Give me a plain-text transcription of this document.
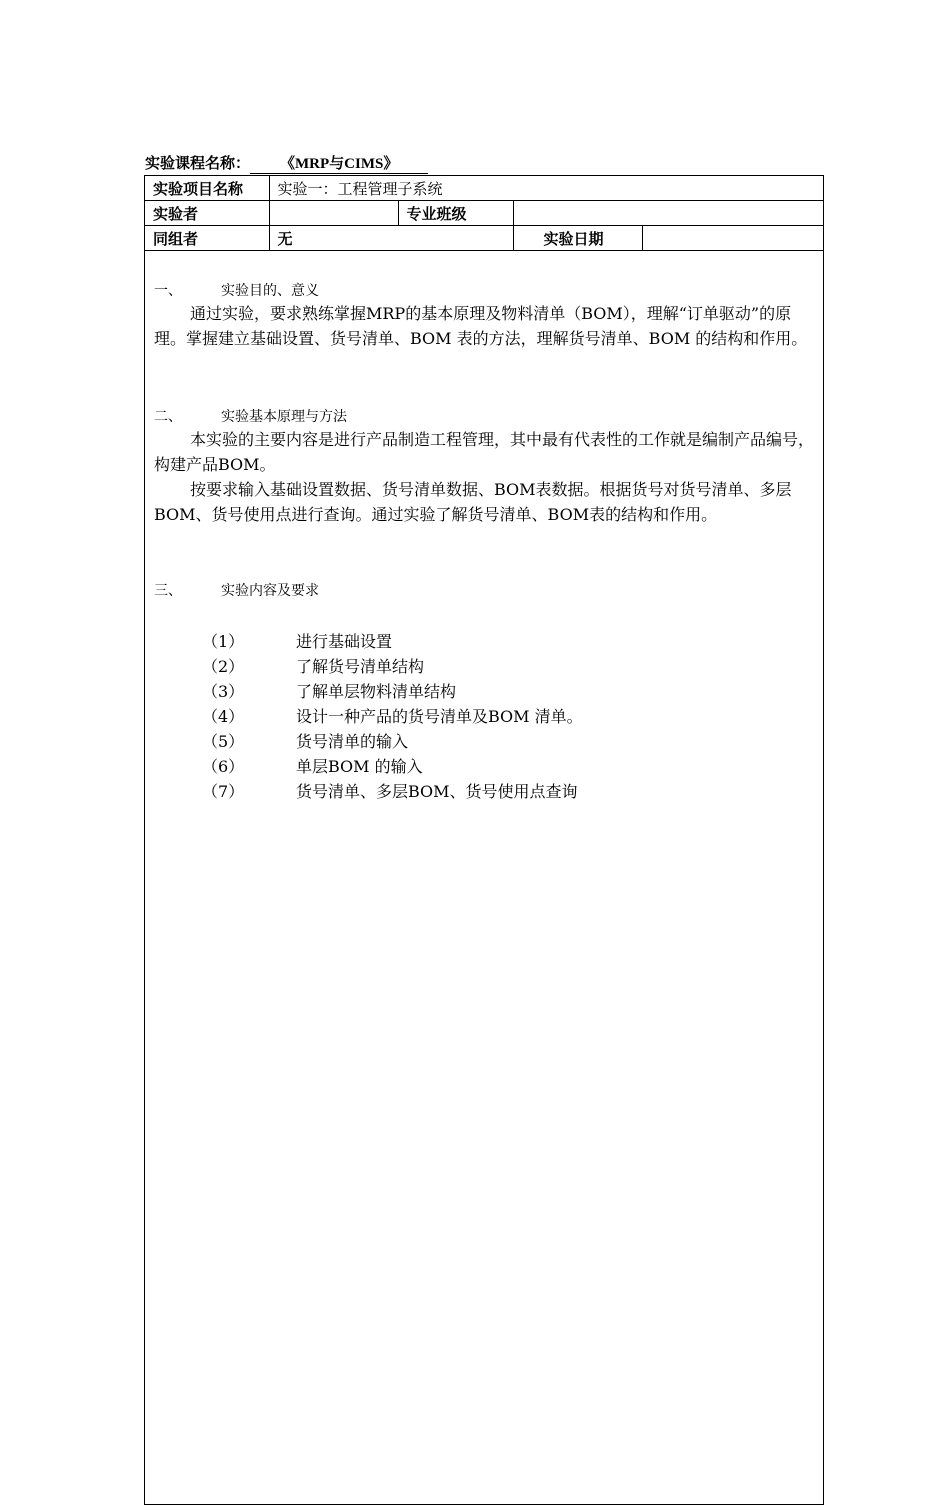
实验课程名称： 《MRP与CIMS》
实验项目名称	实验一：工程管理子系统			
实验者		专业班级		
同组者	无		实验日期	
一、	实验目的、意义

通过实验，要求熟练掌握MRP的基本原理及物料清单（BOM），理解“订单驱动”的原理。掌握建立基础设置、货号清单、BOM 表的方法，理解货号清单、BOM 的结构和作用。

二、	实验基本原理与方法

本实验的主要内容是进行产品制造工程管理，其中最有代表性的工作就是编制产品编号，构建产品BOM。

按要求输入基础设置数据、货号清单数据、BOM表数据。根据货号对货号清单、多层BOM、货号使用点进行查询。通过实验了解货号清单、BOM表的结构和作用。

三、	实验内容及要求
（1）	进行基础设置
（2）	了解货号清单结构
（3）	了解单层物料清单结构
（4）	设计一种产品的货号清单及BOM 清单。
（5）	货号清单的输入
（6）	单层BOM 的输入
（7）	货号清单、多层BOM、货号使用点查询
